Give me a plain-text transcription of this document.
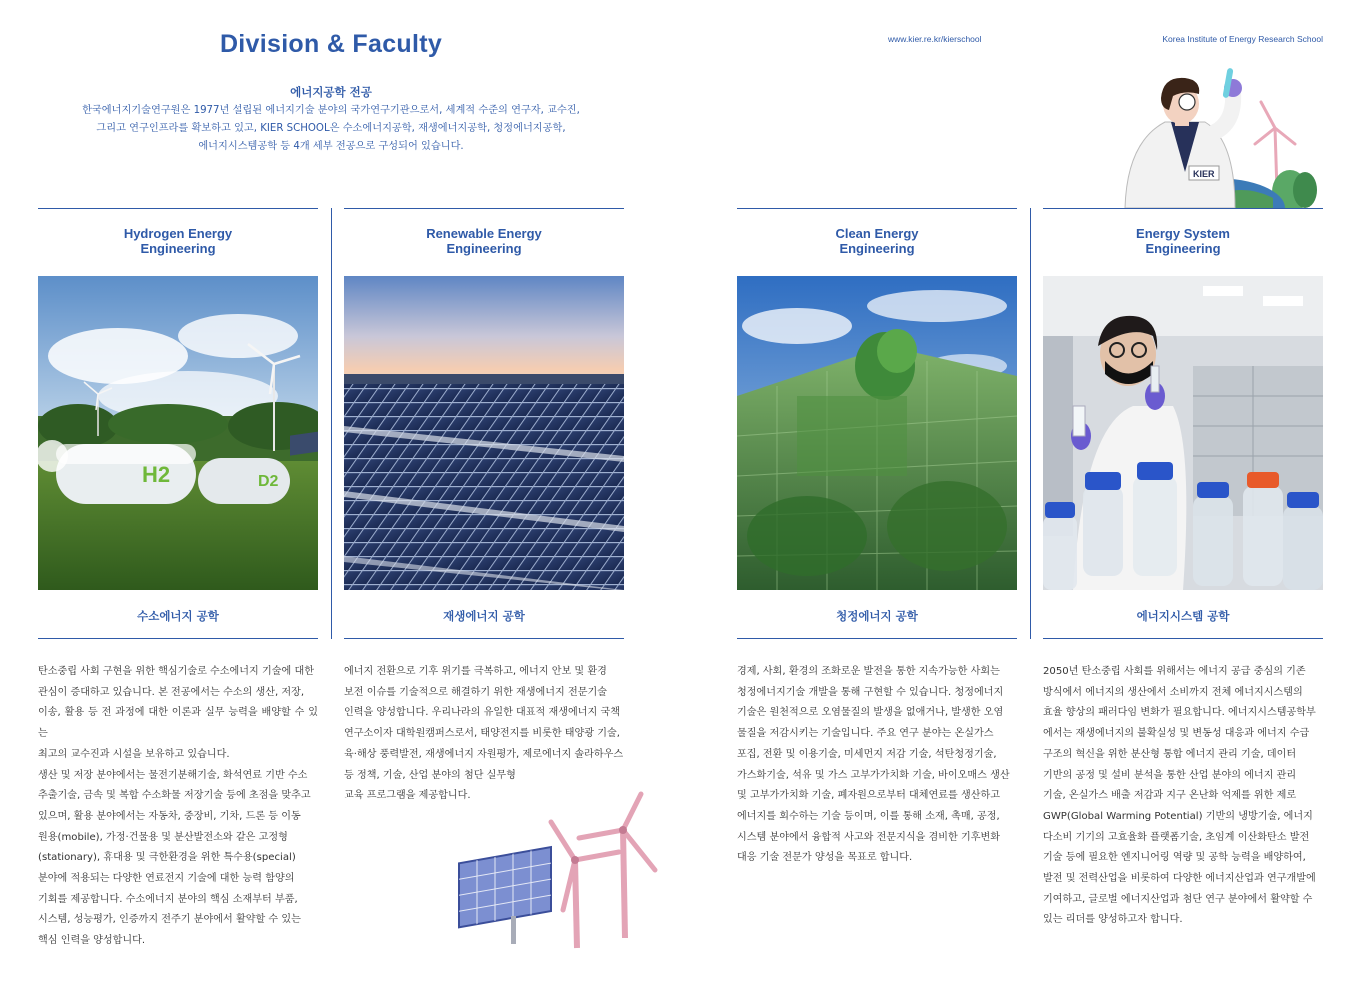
Division & Faculty
에너지공학 전공
한국에너지기술연구원은 1977년 설립된 에너지기술 분야의 국가연구기관으로서, 세계적 수준의 연구자, 교수진,
그리고 연구인프라를 확보하고 있고, KIER SCHOOL은 수소에너지공학, 재생에너지공학, 청정에너지공학,
에너지시스템공학 등 4개 세부 전공으로 구성되어 있습니다.
www.kier.re.kr/kierschool	Korea Institute of Energy Research School
KIER
Hydrogen Energy
Engineering
H2	D2
수소에너지 공학
탄소중립 사회 구현을 위한 핵심기술로 수소에너지 기술에 대한
관심이 증대하고 있습니다. 본 전공에서는 수소의 생산, 저장,
이송, 활용 등 전 과정에 대한 이론과 실무 능력을 배양할 수 있는
최고의 교수진과 시설을 보유하고 있습니다.
생산 및 저장 분야에서는 물전기분해기술, 화석연료 기반 수소
추출기술, 금속 및 복합 수소화물 저장기술 등에 초점을 맞추고
있으며, 활용 분야에서는 자동차, 중장비, 기차, 드론 등 이동
원용(mobile), 가정·건물용 및 분산발전소와 같은 고정형
(stationary), 휴대용 및 극한환경을 위한 특수용(special)
분야에 적용되는 다양한 연료전지 기술에 대한 능력 함양의
기회를 제공합니다. 수소에너지 분야의 핵심 소재부터 부품,
시스템, 성능평가, 인증까지 전주기 분야에서 활약할 수 있는
핵심 인력을 양성합니다.
Renewable Energy
Engineering
재생에너지 공학
에너지 전환으로 기후 위기를 극복하고, 에너지 안보 및 환경
보전 이슈를 기술적으로 해결하기 위한 재생에너지 전문기술
인력을 양성합니다. 우리나라의 유일한 대표적 재생에너지 국책
연구소이자 대학원캠퍼스로서, 태양전지를 비롯한 태양광 기술,
육·해상 풍력발전, 재생에너지 자원평가, 제로에너지 솔라하우스
등 정책, 기술, 산업 분야의 첨단 실무형
교육 프로그램을 제공합니다.
Clean Energy
Engineering
청정에너지 공학
경제, 사회, 환경의 조화로운 발전을 통한 지속가능한 사회는
청정에너지기술 개발을 통해 구현할 수 있습니다. 청정에너지
기술은 원천적으로 오염물질의 발생을 없애거나, 발생한 오염
물질을 저감시키는 기술입니다. 주요 연구 분야는 온실가스
포집, 전환 및 이용기술, 미세먼지 저감 기술, 석탄청정기술,
가스화기술, 석유 및 가스 고부가가치화 기술, 바이오매스 생산
및 고부가가치화 기술, 폐자원으로부터 대체연료를 생산하고
에너지를 회수하는 기술 등이며, 이를 통해 소재, 촉매, 공정,
시스템 분야에서 융합적 사고와 전문지식을 겸비한 기후변화
대응 기술 전문가 양성을 목표로 합니다.
Energy System
Engineering
에너지시스템 공학
2050년 탄소중립 사회를 위해서는 에너지 공급 중심의 기존
방식에서 에너지의 생산에서 소비까지 전체 에너지시스템의
효율 향상의 패러다임 변화가 필요합니다. 에너지시스템공학부
에서는 재생에너지의 불확실성 및 변동성 대응과 에너지 수급
구조의 혁신을 위한 분산형 통합 에너지 관리 기술, 데이터
기반의 공정 및 설비 분석을 통한 산업 분야의 에너지 관리
기술, 온실가스 배출 저감과 지구 온난화 억제를 위한 제로
GWP(Global Warming Potential) 기반의 냉방기술, 에너지
다소비 기기의 고효율화 플랫폼기술, 초임계 이산화탄소 발전
기술 등에 필요한 엔지니어링 역량 및 공학 능력을 배양하여,
발전 및 전력산업을 비롯하여 다양한 에너지산업과 연구개발에
기여하고, 글로벌 에너지산업과 첨단 연구 분야에서 활약할 수
있는 리더를 양성하고자 합니다.
